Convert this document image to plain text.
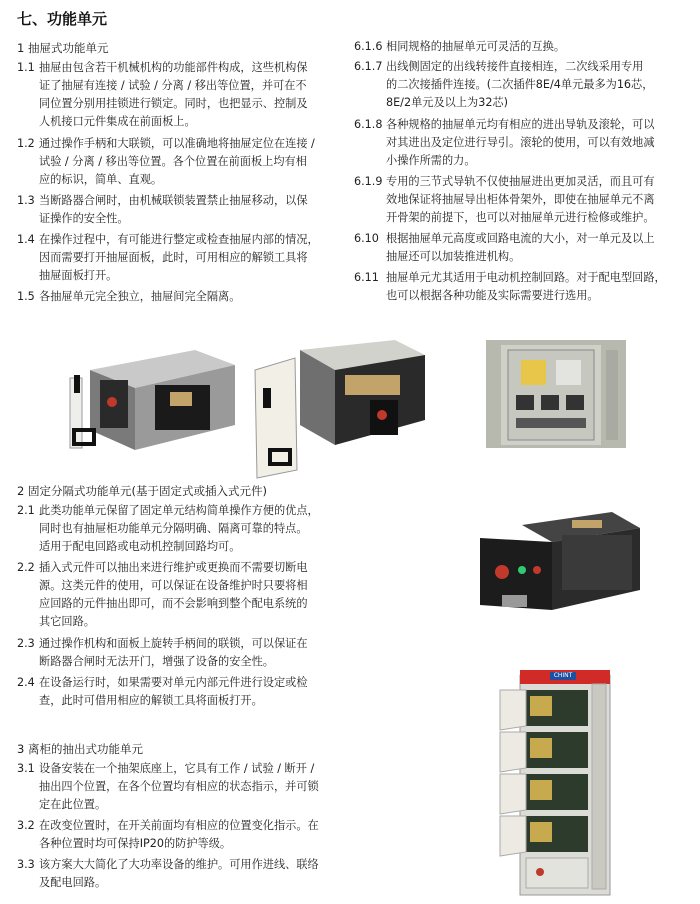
七、功能单元
1 抽屉式功能单元
1.1 抽屉由包含若干机械机构的功能部件构成，这些机构保
证了抽屉有连接 / 试验 / 分离 / 移出等位置，并可在不
同位置分别用挂锁进行锁定。同时，也把显示、控制及
人机接口元件集成在前面板上。
1.2 通过操作手柄和大联锁，可以准确地将抽屉定位在连接 /
试验 / 分离 / 移出等位置。各个位置在前面板上均有相
应的标识，简单、直观。
1.3 当断路器合闸时，由机械联锁装置禁止抽屉移动，以保
证操作的安全性。
1.4 在操作过程中，有可能进行整定或检查抽屉内部的情况，
因而需要打开抽屉面板，此时，可用相应的解锁工具将
抽屉面板打开。
1.5 各抽屉单元完全独立，抽屉间完全隔离。
6.1.6 相同规格的抽屉单元可灵活的互换。
6.1.7 出线侧固定的出线转接件直接相连，二次线采用专用
的二次接插件连接。(二次插件8E/4单元最多为16芯，
8E/2单元及以上为32芯)
6.1.8 各种规格的抽屉单元均有相应的进出导轨及滚轮，可以
对其进出及定位进行导引。滚轮的使用，可以有效地减
小操作所需的力。
6.1.9 专用的三节式导轨不仅使抽屉进出更加灵活，而且可有
效地保证将抽屉导出柜体骨架外，即使在抽屉单元不离
开骨架的前提下，也可以对抽屉单元进行检修或维护。
6.10 根据抽屉单元高度或回路电流的大小，对一单元及以上
抽屉还可以加装推进机构。
6.11 抽屉单元尤其适用于电动机控制回路。对于配电型回路，
也可以根据各种功能及实际需要进行选用。
2 固定分隔式功能单元(基于固定式或插入式元件)
2.1 此类功能单元保留了固定单元结构简单操作方便的优点，
同时也有抽屉柜功能单元分隔明确、隔离可靠的特点。
适用于配电回路或电动机控制回路均可。
2.2 插入式元件可以抽出来进行维护或更换而不需要切断电
源。这类元件的使用，可以保证在设备维护时只要将相
应回路的元件抽出即可，而不会影响到整个配电系统的
其它回路。
2.3 通过操作机构和面板上旋转手柄间的联锁，可以保证在
断路器合闸时无法开门，增强了设备的安全性。
2.4 在设备运行时，如果需要对单元内部元件进行设定或检
查，此时可借用相应的解锁工具将面板打开。
3 离柜的抽出式功能单元
3.1 设备安装在一个抽架底座上，它具有工作 / 试验 / 断开 /
抽出四个位置，在各个位置均有相应的状态指示，并可锁
定在此位置。
3.2 在改变位置时，在开关前面均有相应的位置变化指示。在
各种位置时均可保持IP20的防护等级。
3.3 该方案大大简化了大功率设备的维护。可用作进线、联络
及配电回路。
CHINT
